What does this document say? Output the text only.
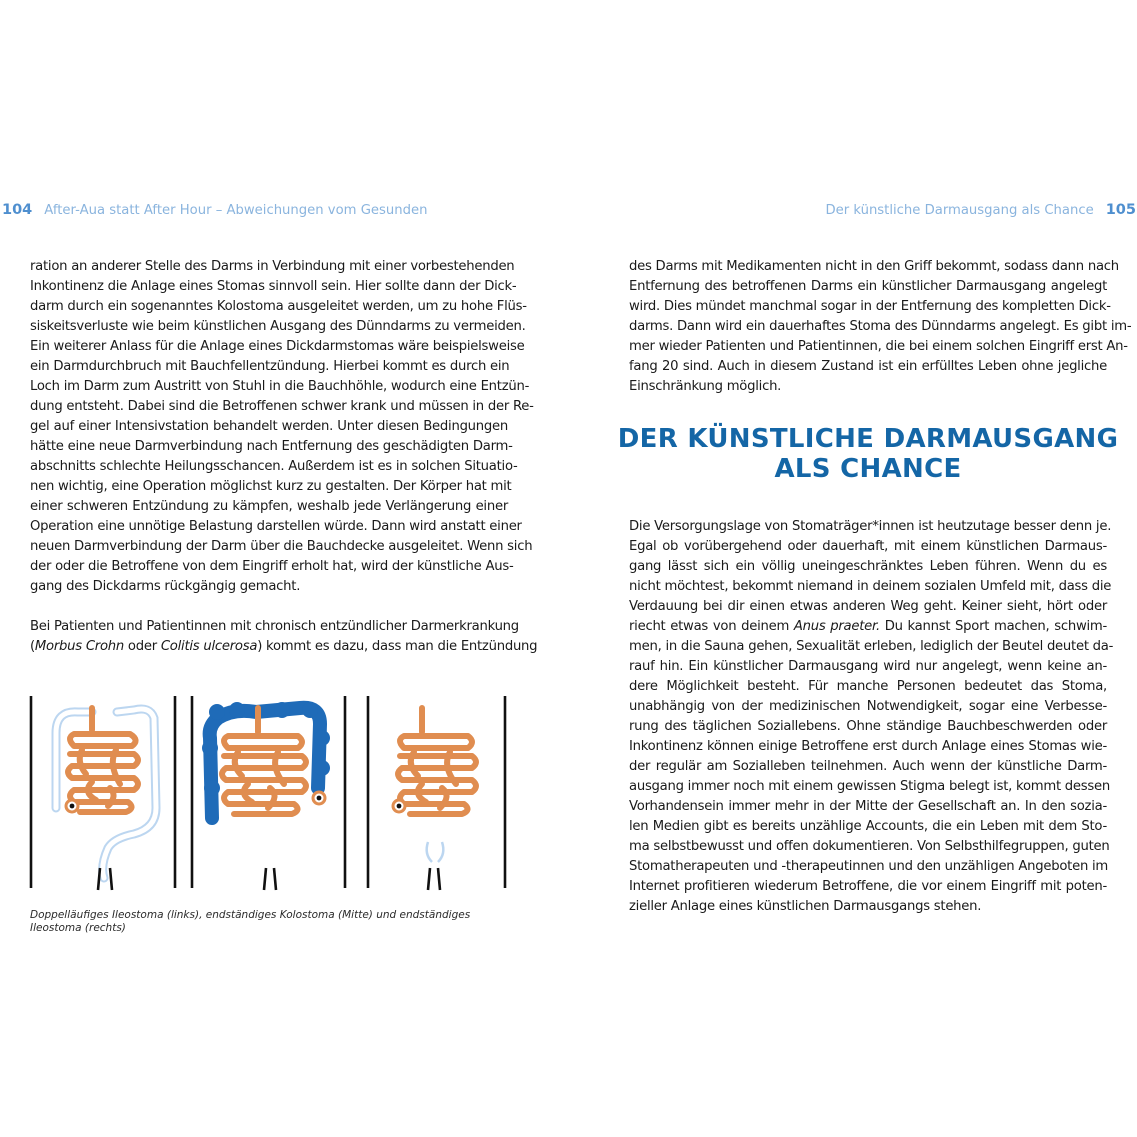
104 After-Aua statt After Hour – Abweichungen vom Gesunden	Der künstliche Darmausgang als Chance 105
ration an anderer Stelle des Darms in Verbindung mit einer vorbestehenden
Inkontinenz die Anlage eines Stomas sinnvoll sein. Hier sollte dann der Dick-
darm durch ein sogenanntes Kolostoma ausgeleitet werden, um zu hohe Flüs-
siskeitsverluste wie beim künstlichen Ausgang des Dünndarms zu vermeiden.
Ein weiterer Anlass für die Anlage eines Dickdarmstomas wäre beispielsweise
ein Darmdurchbruch mit Bauchfellentzündung. Hierbei kommt es durch ein
Loch im Darm zum Austritt von Stuhl in die Bauchhöhle, wodurch eine Entzün-
dung entsteht. Dabei sind die Betroffenen schwer krank und müssen in der Re-
gel auf einer Intensivstation behandelt werden. Unter diesen Bedingungen
hätte eine neue Darmverbindung nach Entfernung des geschädigten Darm-
abschnitts schlechte Heilungsschancen. Außerdem ist es in solchen Situatio-
nen wichtig, eine Operation möglichst kurz zu gestalten. Der Körper hat mit
einer schweren Entzündung zu kämpfen, weshalb jede Verlängerung einer
Operation eine unnötige Belastung darstellen würde. Dann wird anstatt einer
neuen Darmverbindung der Darm über die Bauchdecke ausgeleitet. Wenn sich
der oder die Betroffene von dem Eingriff erholt hat, wird der künstliche Aus-
gang des Dickdarms rückgängig gemacht.
Bei Patienten und Patientinnen mit chronisch entzündlicher Darmerkrankung
(Morbus Crohn oder Colitis ulcerosa) kommt es dazu, dass man die Entzündung

Doppelläufiges Ileostoma (links), endständiges Kolostoma (Mitte) und endständiges Ileostoma (rechts)

des Darms mit Medikamenten nicht in den Griff bekommt, sodass dann nach
Entfernung des betroffenen Darms ein künstlicher Darmausgang angelegt
wird. Dies mündet manchmal sogar in der Entfernung des kompletten Dick-
darms. Dann wird ein dauerhaftes Stoma des Dünndarms angelegt. Es gibt im-
mer wieder Patienten und Patientinnen, die bei einem solchen Eingriff erst An-
fang 20 sind. Auch in diesem Zustand ist ein erfülltes Leben ohne jegliche
Einschränkung möglich.
DER KÜNSTLICHE DARMAUSGANG
ALS CHANCE
Die Versorgungslage von Stomaträger*innen ist heutzutage besser denn je.
Egal ob vorübergehend oder dauerhaft, mit einem künstlichen Darmaus-
gang lässt sich ein völlig uneingeschränktes Leben führen. Wenn du es
nicht möchtest, bekommt niemand in deinem sozialen Umfeld mit, dass die
Verdauung bei dir einen etwas anderen Weg geht. Keiner sieht, hört oder
riecht etwas von deinem Anus praeter. Du kannst Sport machen, schwim-
men, in die Sauna gehen, Sexualität erleben, lediglich der Beutel deutet da-
rauf hin. Ein künstlicher Darmausgang wird nur angelegt, wenn keine an-
dere Möglichkeit besteht. Für manche Personen bedeutet das Stoma,
unabhängig von der medizinischen Notwendigkeit, sogar eine Verbesse-
rung des täglichen Soziallebens. Ohne ständige Bauchbeschwerden oder
Inkontinenz können einige Betroffene erst durch Anlage eines Stomas wie-
der regulär am Sozialleben teilnehmen. Auch wenn der künstliche Darm-
ausgang immer noch mit einem gewissen Stigma belegt ist, kommt dessen
Vorhandensein immer mehr in der Mitte der Gesellschaft an. In den sozia-
len Medien gibt es bereits unzählige Accounts, die ein Leben mit dem Sto-
ma selbstbewusst und offen dokumentieren. Von Selbsthilfegruppen, guten
Stomatherapeuten und -therapeutinnen und den unzähligen Angeboten im
Internet profitieren wiederum Betroffene, die vor einem Eingriff mit poten-
zieller Anlage eines künstlichen Darmausgangs stehen.
